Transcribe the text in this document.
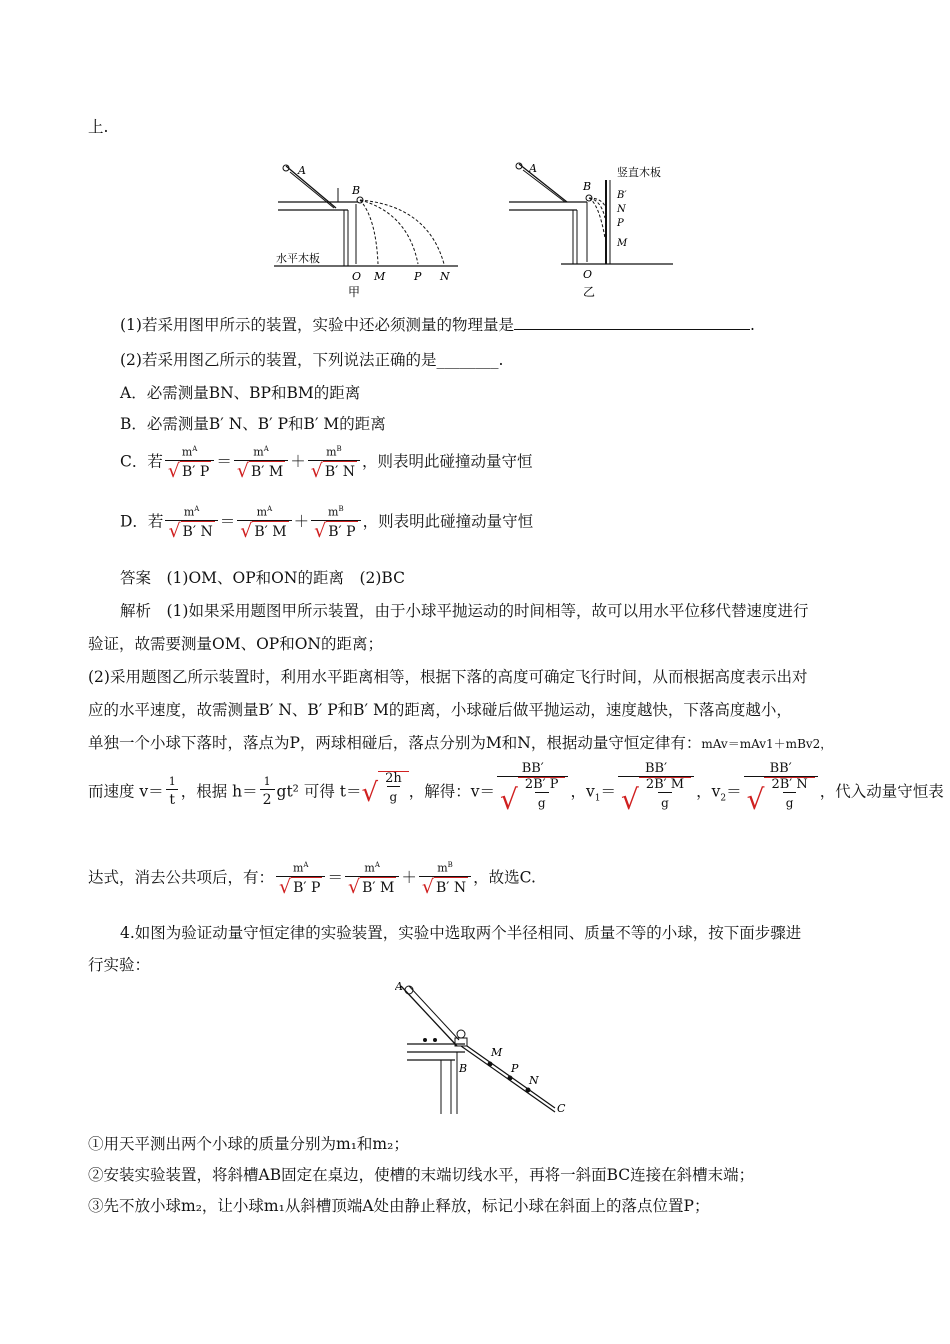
上.
A
B
水平木板
O M	P N
甲
A
B
竖直木板
B′
N
P
M
O
乙
(1)若采用图甲所示的装置，实验中还必须测量的物理量是	.
(2)若采用图乙所示的装置，下列说法正确的是________.
A．必需测量BN、BP和BM的距离
B．必需测量B′ N、B′ P和B′ M的距离
C．若 $\frac{m^A}{√ B' P} = \frac{m^A}{√ B' M} + \frac{m^B}{√ B' N}$ ，则表明此碰撞动量守恒
D．若 $\frac{m^A}{√ B' N} = \frac{m^A}{√ B' M} + \frac{m^B}{√ B' P}$ ，则表明此碰撞动量守恒
答案　(1)OM、OP和ON的距离　(2)BC
解析　(1)如果采用题图甲所示装置，由于小球平抛运动的时间相等，故可以用水平位移代替速度进行
验证，故需要测量OM、OP和ON的距离；
(2)采用题图乙所示装置时，利用水平距离相等，根据下落的高度可确定飞行时间，从而根据高度表示出对
应的水平速度，故需测量B′ N、B′ P和B′ M的距离，小球碰后做平抛运动，速度越快，下落高度越小，
单独一个小球下落时，落点为P，两球相碰后，落点分别为M和N，根据动量守恒定律有：mAv＝mAv1＋mBv2，
而速度 $v= \frac{1}{t}$ ，根据 $h= \frac{1}{2} gt^2$ 可得 t＝ √ $\frac{2h}{g}$ ，解得：$v= \frac{BB'}{√ \frac{2B' P}{g}}$ ，$v_1= \frac{BB'}{√ \frac{2B' M}{g}}$ ，$v_2= \frac{BB'}{√ \frac{2B' N}{g}}$ ，代入动量守恒表
达式，消去公共项后，有： $\frac{m^A}{√ B' P} = \frac{m^A}{√ B' M} + \frac{m^B}{√ B' N}$ ，故选C.
4.如图为验证动量守恒定律的实验装置，实验中选取两个半径相同、质量不等的小球，按下面步骤进
行实验：
A
B
M
P
N
C
①用天平测出两个小球的质量分别为m₁和m₂；
②安装实验装置，将斜槽AB固定在桌边，使槽的末端切线水平，再将一斜面BC连接在斜槽末端；
③先不放小球m₂，让小球m₁从斜槽顶端A处由静止释放，标记小球在斜面上的落点位置P；
